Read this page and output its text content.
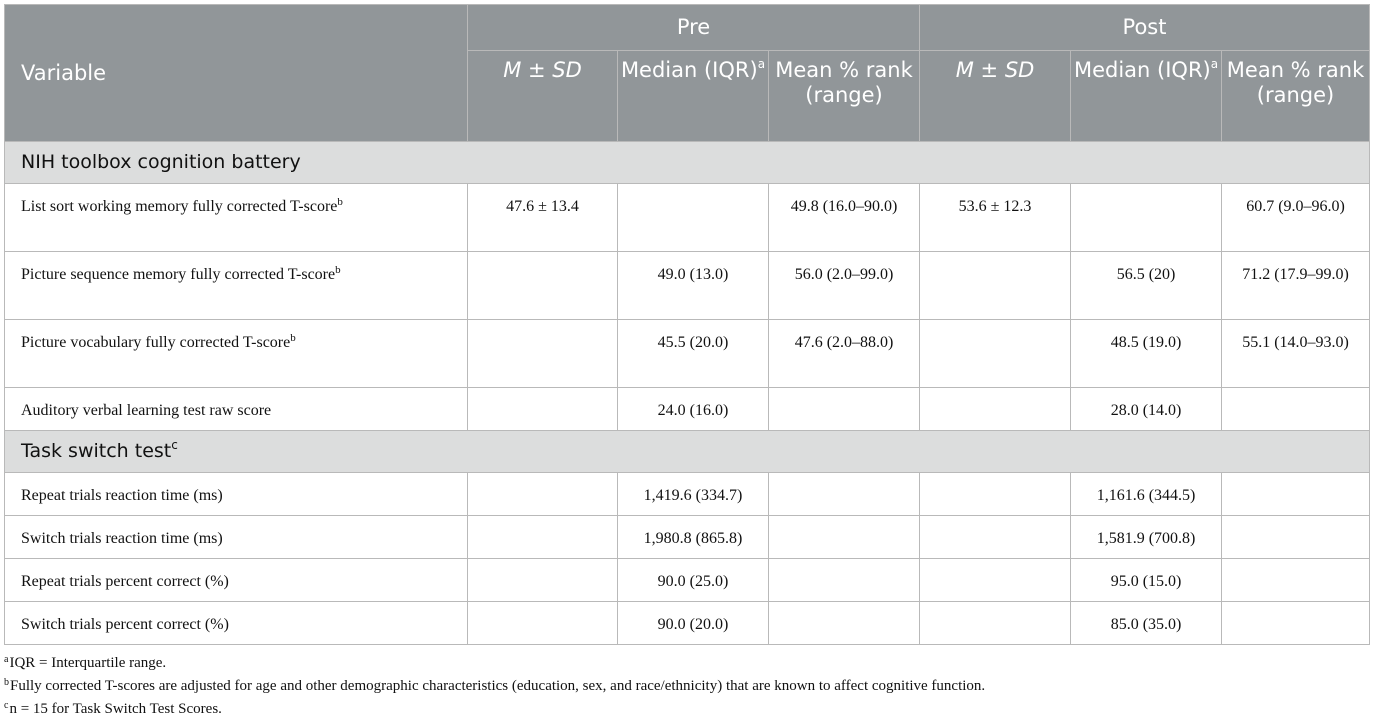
Variable	Pre			Post		
	M ± SD	Median (IQR)$^a$	Mean % rank (range)	M ± SD	Median (IQR)$^a$	Mean % rank (range)
NIH toolbox cognition battery						
List sort working memory fully corrected T-score$^b$	47.6 ± 13.4		49.8 (16.0–90.0)	53.6 ± 12.3		60.7 (9.0–96.0)
Picture sequence memory fully corrected T-score$^b$		49.0 (13.0)	56.0 (2.0–99.0)		56.5 (20)	71.2 (17.9–99.0)
Picture vocabulary fully corrected T-score$^b$		45.5 (20.0)	47.6 (2.0–88.0)		48.5 (19.0)	55.1 (14.0–93.0)
Auditory verbal learning test raw score		24.0 (16.0)			28.0 (14.0)	
Task switch test$^c$
Repeat trials reaction time (ms)		1,419.6 (334.7)			1,161.6 (344.5)	
Switch trials reaction time (ms)		1,980.8 (865.8)			1,581.9 (700.8)	
Repeat trials percent correct (%)		90.0 (25.0)			95.0 (15.0)	
Switch trials percent correct (%)		90.0 (20.0)			85.0 (35.0)	
$^a$IQR = Interquartile range.
$^b$Fully corrected T-scores are adjusted for age and other demographic characteristics (education, sex, and race/ethnicity) that are known to affect cognitive function.
$^c$n = 15 for Task Switch Test Scores.
